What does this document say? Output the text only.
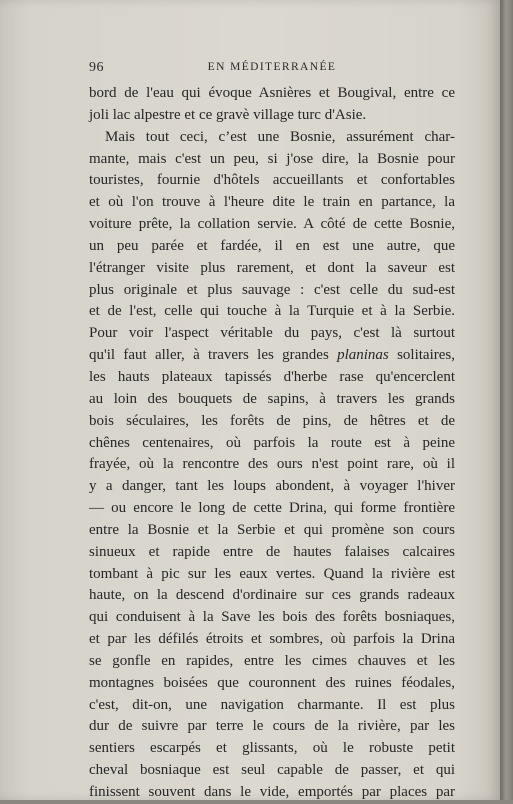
96	EN MÉDITERRANÉE
bord de l'eau qui évoque Asnières et Bougival, entre ce
joli lac alpestre et ce gravè village turc d'Asie.
Mais tout ceci, c’est une Bosnie, assurément char-
mante, mais c'est un peu, si j'ose dire, la Bosnie pour
touristes, fournie d'hôtels accueillants et confortables
et où l'on trouve à l'heure dite le train en partance, la
voiture prête, la collation servie. A côté de cette Bosnie,
un peu parée et fardée, il en est une autre, que
l'étranger visite plus rarement, et dont la saveur est
plus originale et plus sauvage : c'est celle du sud-est
et de l'est, celle qui touche à la Turquie et à la Serbie.
Pour voir l'aspect véritable du pays, c'est là surtout
qu'il faut aller, à travers les grandes planinas solitaires,
les hauts plateaux tapissés d'herbe rase qu'encerclent
au loin des bouquets de sapins, à travers les grands
bois séculaires, les forêts de pins, de hêtres et de
chênes centenaires, où parfois la route est à peine
frayée, où la rencontre des ours n'est point rare, où il
y a danger, tant les loups abondent, à voyager l'hiver
— ou encore le long de cette Drina, qui forme frontière
entre la Bosnie et la Serbie et qui promène son cours
sinueux et rapide entre de hautes falaises calcaires
tombant à pic sur les eaux vertes. Quand la rivière est
haute, on la descend d'ordinaire sur ces grands radeaux
qui conduisent à la Save les bois des forêts bosniaques,
et par les défilés étroits et sombres, où parfois la Drina
se gonfle en rapides, entre les cimes chauves et les
montagnes boisées que couronnent des ruines féodales,
c'est, dit-on, une navigation charmante. Il est plus
dur de suivre par terre le cours de la rivière, par les
sentiers escarpés et glissants, où le robuste petit
cheval bosniaque est seul capable de passer, et qui
finissent souvent dans le vide, emportés par places par
